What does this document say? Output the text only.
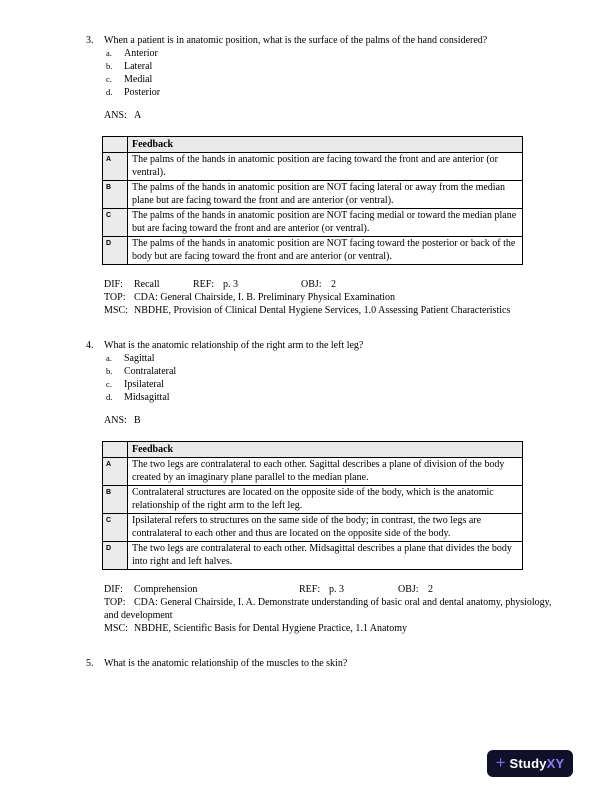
3.	When a patient is in anatomic position, what is the surface of the palms of the hand considered?
a. Anterior
b. Lateral
c. Medial
d. Posterior
ANS: A
	Feedback
A	The palms of the hands in anatomic position are facing toward the front and are anterior (or ventral).
B	The palms of the hands in anatomic position are NOT facing lateral or away from the median plane but are facing toward the front and are anterior (or ventral).
C	The palms of the hands in anatomic position are NOT facing medial or toward the median plane but are facing toward the front and are anterior (or ventral).
D	The palms of the hands in anatomic position are NOT facing toward the posterior or back of the body but are facing toward the front and are anterior (or ventral).
DIF: Recall	REF: p. 3	OBJ: 2
TOP: CDA: General Chairside, I. B. Preliminary Physical Examination
MSC: NBDHE, Provision of Clinical Dental Hygiene Services, 1.0 Assessing Patient Characteristics
4.	What is the anatomic relationship of the right arm to the left leg?
a. Sagittal
b. Contralateral
c. Ipsilateral
d. Midsagittal
ANS: B
	Feedback
A	The two legs are contralateral to each other. Sagittal describes a plane of division of the body created by an imaginary plane parallel to the median plane.
B	Contralateral structures are located on the opposite side of the body, which is the anatomic relationship of the right arm to the left leg.
C	Ipsilateral refers to structures on the same side of the body; in contrast, the two legs are contralateral to each other and thus are located on the opposite side of the body.
D	The two legs are contralateral to each other. Midsagittal describes a plane that divides the body into right and left halves.
DIF: Comprehension	REF: p. 3	OBJ: 2
TOP: CDA: General Chairside, I. A. Demonstrate understanding of basic oral and dental anatomy, physiology, and development
MSC: NBDHE, Scientific Basis for Dental Hygiene Practice, 1.1 Anatomy
5.	What is the anatomic relationship of the muscles to the skin?
+ StudyXY
